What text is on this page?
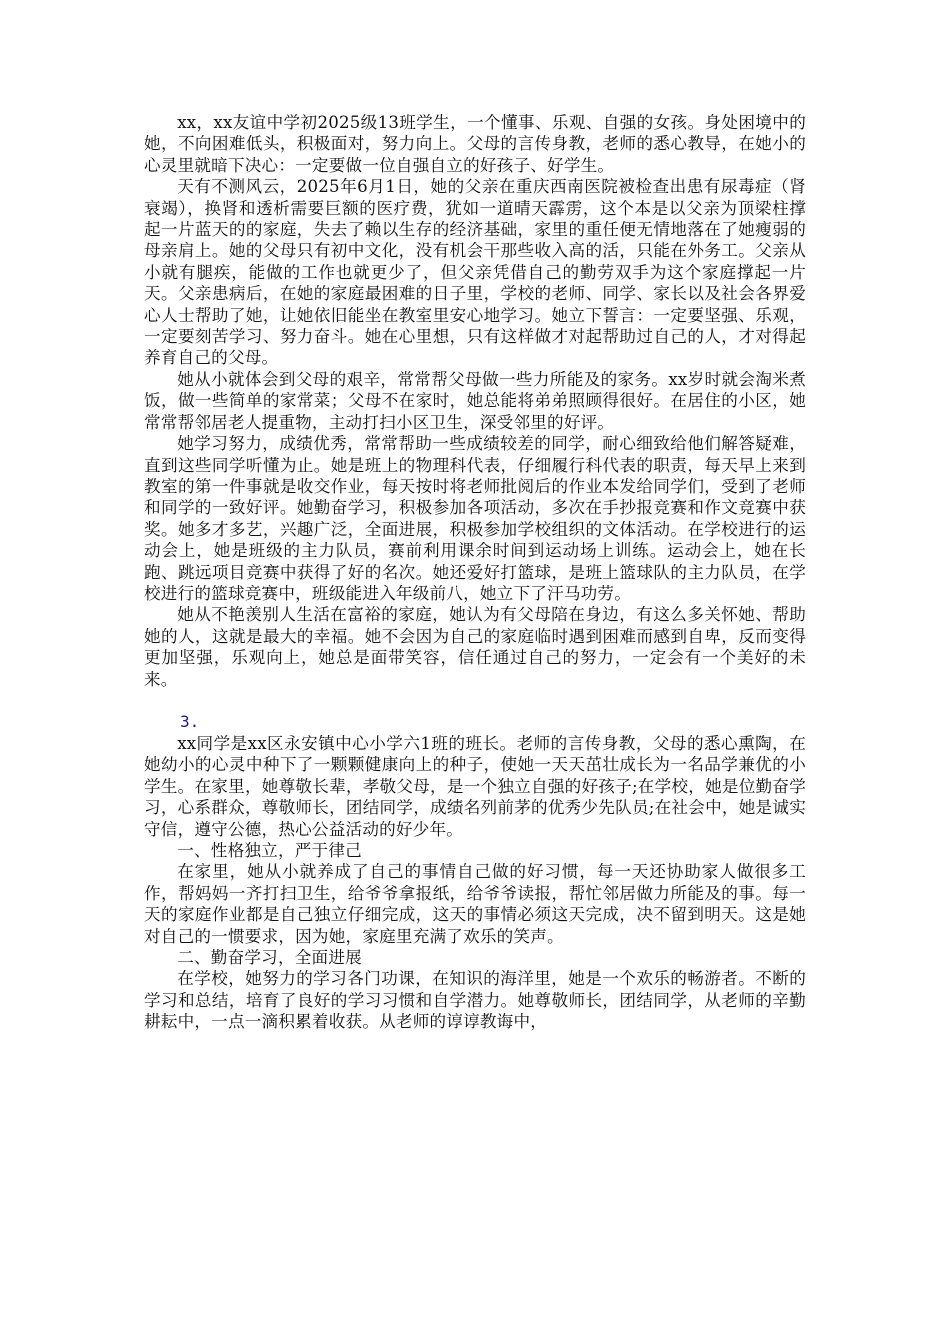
xx，xx友谊中学初2025级13班学生，一个懂事、乐观、自强的女孩。身处困境中的她，不向困难低头，积极面对，努力向上。父母的言传身教，老师的悉心教导，在她小的心灵里就暗下决心：一定要做一位自强自立的好孩子、好学生。

天有不测风云，2025年6月1日，她的父亲在重庆西南医院被检查出患有尿毒症（肾衰竭），换肾和透析需要巨额的医疗费，犹如一道晴天霹雳，这个本是以父亲为顶梁柱撑起一片蓝天的的家庭，失去了赖以生存的经济基础，家里的重任便无情地落在了她瘦弱的母亲肩上。她的父母只有初中文化，没有机会干那些收入高的活，只能在外务工。父亲从小就有腿疾，能做的工作也就更少了，但父亲凭借自己的勤劳双手为这个家庭撑起一片天。父亲患病后，在她的家庭最困难的日子里，学校的老师、同学、家长以及社会各界爱心人士帮助了她，让她依旧能坐在教室里安心地学习。她立下誓言：一定要坚强、乐观，一定要刻苦学习、努力奋斗。她在心里想，只有这样做才对起帮助过自己的人，才对得起养育自己的父母。

她从小就体会到父母的艰辛，常常帮父母做一些力所能及的家务。xx岁时就会淘米煮饭，做一些简单的家常菜；父母不在家时，她总能将弟弟照顾得很好。在居住的小区，她常常帮邻居老人提重物，主动打扫小区卫生，深受邻里的好评。

她学习努力，成绩优秀，常常帮助一些成绩较差的同学，耐心细致给他们解答疑难，直到这些同学听懂为止。她是班上的物理科代表，仔细履行科代表的职责，每天早上来到教室的第一件事就是收交作业，每天按时将老师批阅后的作业本发给同学们，受到了老师和同学的一致好评。她勤奋学习，积极参加各项活动，多次在手抄报竞赛和作文竞赛中获奖。她多才多艺，兴趣广泛，全面进展，积极参加学校组织的文体活动。在学校进行的运动会上，她是班级的主力队员，赛前利用课余时间到运动场上训练。运动会上，她在长跑、跳远项目竞赛中获得了好的名次。她还爱好打篮球，是班上篮球队的主力队员，在学校进行的篮球竞赛中，班级能进入年级前八，她立下了汗马功劳。

她从不艳羡别人生活在富裕的家庭，她认为有父母陪在身边，有这么多关怀她、帮助她的人，这就是最大的幸福。她不会因为自己的家庭临时遇到困难而感到自卑，反而变得更加坚强，乐观向上，她总是面带笑容，信任通过自己的努力，一定会有一个美好的未来。

3.

xx同学是xx区永安镇中心小学六1班的班长。老师的言传身教，父母的悉心熏陶，在她幼小的心灵中种下了一颗颗健康向上的种子，使她一天天茁壮成长为一名品学兼优的小学生。在家里，她尊敬长辈，孝敬父母，是一个独立自强的好孩子;在学校，她是位勤奋学习，心系群众，尊敬师长，团结同学，成绩名列前茅的优秀少先队员;在社会中，她是诚实守信，遵守公德，热心公益活动的好少年。

一、性格独立，严于律己

在家里，她从小就养成了自己的事情自己做的好习惯，每一天还协助家人做很多工作，帮妈妈一齐打扫卫生，给爷爷拿报纸，给爷爷读报，帮忙邻居做力所能及的事。每一天的家庭作业都是自己独立仔细完成，这天的事情必须这天完成，决不留到明天。这是她对自己的一惯要求，因为她，家庭里充满了欢乐的笑声。

二、勤奋学习，全面进展

在学校，她努力的学习各门功课，在知识的海洋里，她是一个欢乐的畅游者。不断的学习和总结，培育了良好的学习习惯和自学潜力。她尊敬师长，团结同学，从老师的辛勤耕耘中，一点一滴积累着收获。从老师的谆谆教诲中，
